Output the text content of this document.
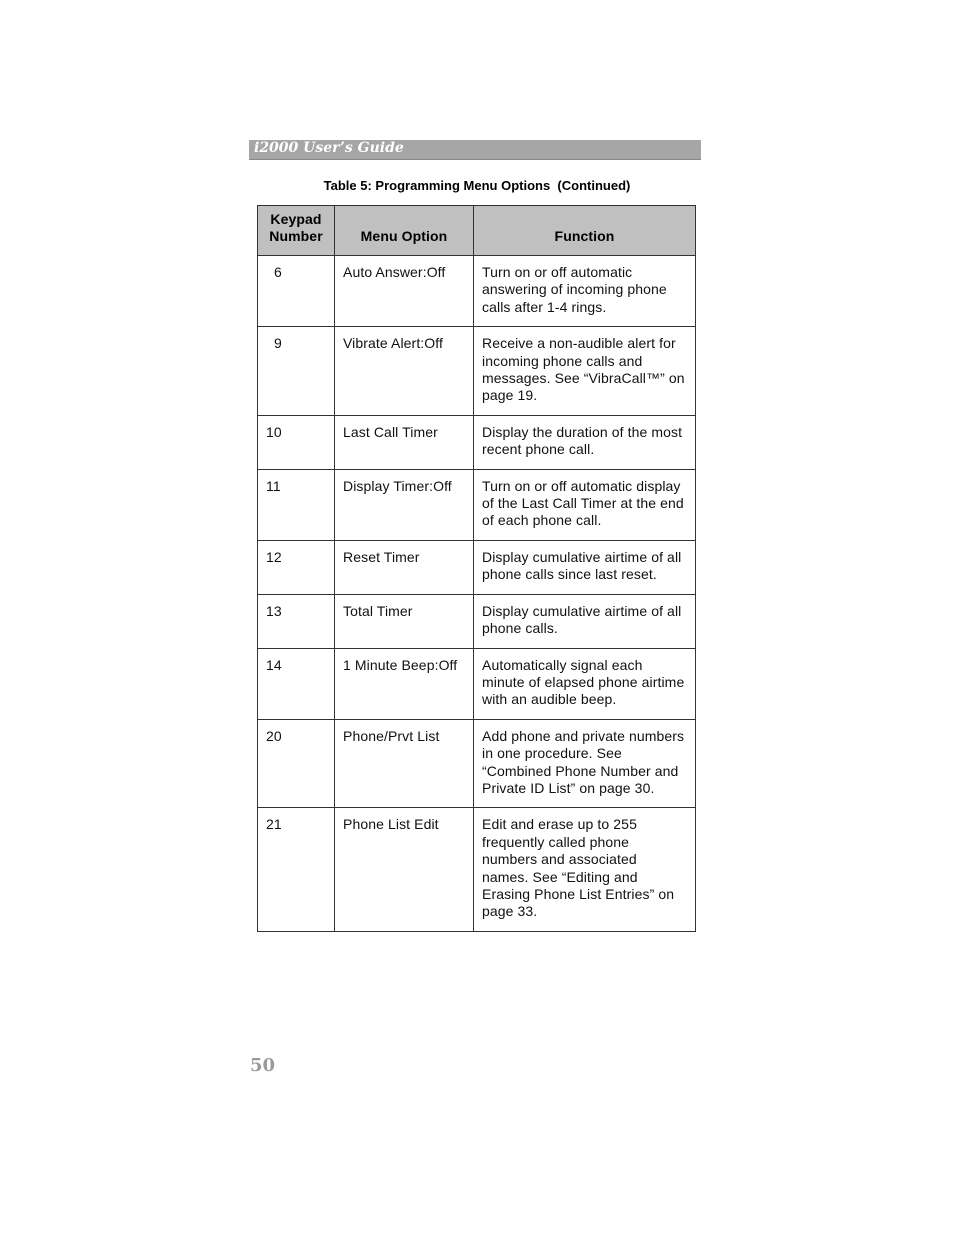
i2000 User’s Guide
Table 5: Programming Menu Options  (Continued)
Keypad
Number	Menu Option	Function
6	Auto Answer:Off	Turn on or off automatic answering of incoming phone calls after 1-4 rings.
9	Vibrate Alert:Off	Receive a non-audible alert for incoming phone calls and messages. See “VibraCall™” on page 19.
10	Last Call Timer	Display the duration of the most recent phone call.
11	Display Timer:Off	Turn on or off automatic display of the Last Call Timer at the end of each phone call.
12	Reset Timer	Display cumulative airtime of all phone calls since last reset.
13	Total Timer	Display cumulative airtime of all phone calls.
14	1 Minute Beep:Off	Automatically signal each minute of elapsed phone airtime with an audible beep.
20	Phone/Prvt List	Add phone and private numbers in one procedure. See “Combined Phone Number and Private ID List” on page 30.
21	Phone List Edit	Edit and erase up to 255 frequently called phone numbers and associated names. See “Editing and Erasing Phone List Entries” on page 33.
50
